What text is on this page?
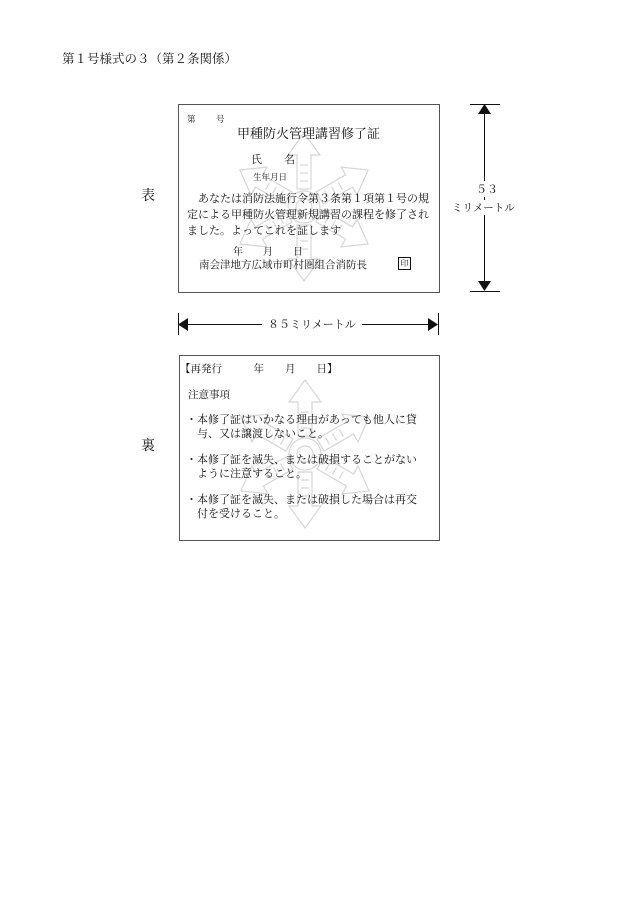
第１号様式の３（第２条関係）
表
裏
第 号
甲種防火管理講習修了証
氏　　名
生年月日
　あなたは消防法施行令第３条第１項第１号の規
定による甲種防火管理新規講習の課程を修了され
ました。よってこれを証します
年　　月　　日
南会津地方広域市町村圏組合消防長	印
５３
ミリメートル
８５ミリメートル
【再発行　　　年　　月　　日】
注意事項
・本修了証はいかなる理由があっても他人に貸
　与、又は譲渡しないこと。
・本修了証を滅失、または破損することがない
　ように注意すること。
・本修了証を滅失、または破損した場合は再交
　付を受けること。
